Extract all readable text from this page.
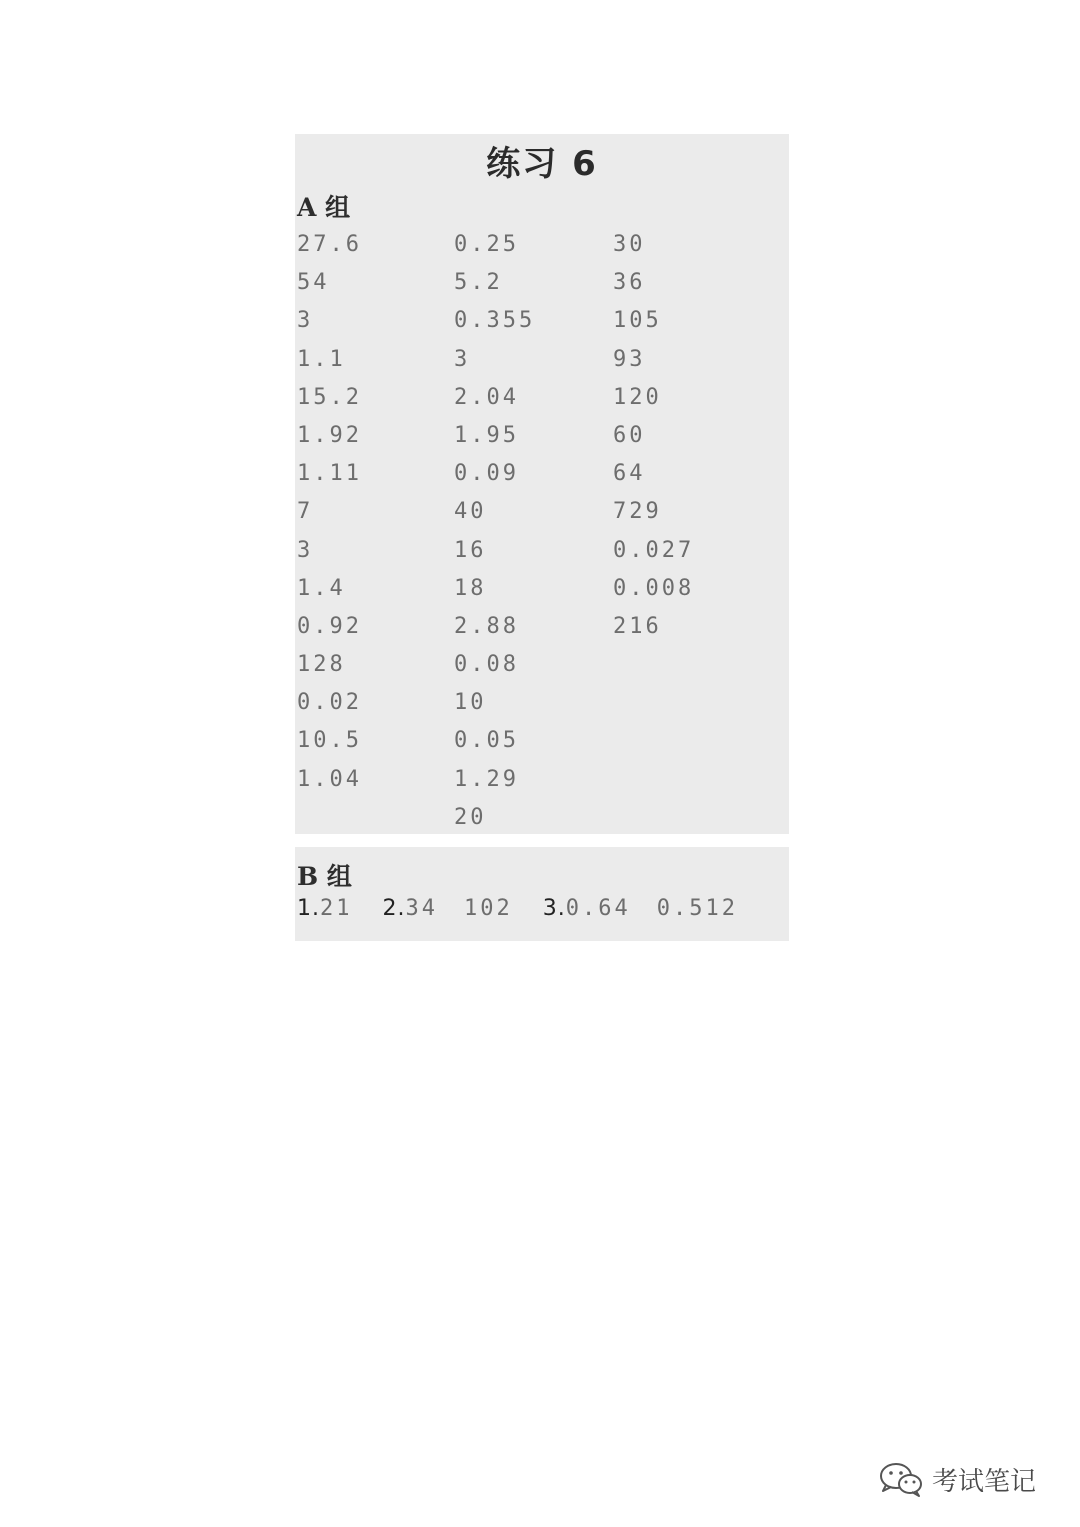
练习 6
A 组
27.6
54
3
1.1
15.2
1.92
1.11
7
3
1.4
0.92
128
0.02
10.5
1.04
0.25
5.2
0.355
3
2.04
1.95
0.09
40
16
18
2.88
0.08
10
0.05
1.29
20
30
36
105
93
120
60
64
729
0.027
0.008
216
B 组
1.21 2.34 102 3.0.64 0.512
考试笔记
